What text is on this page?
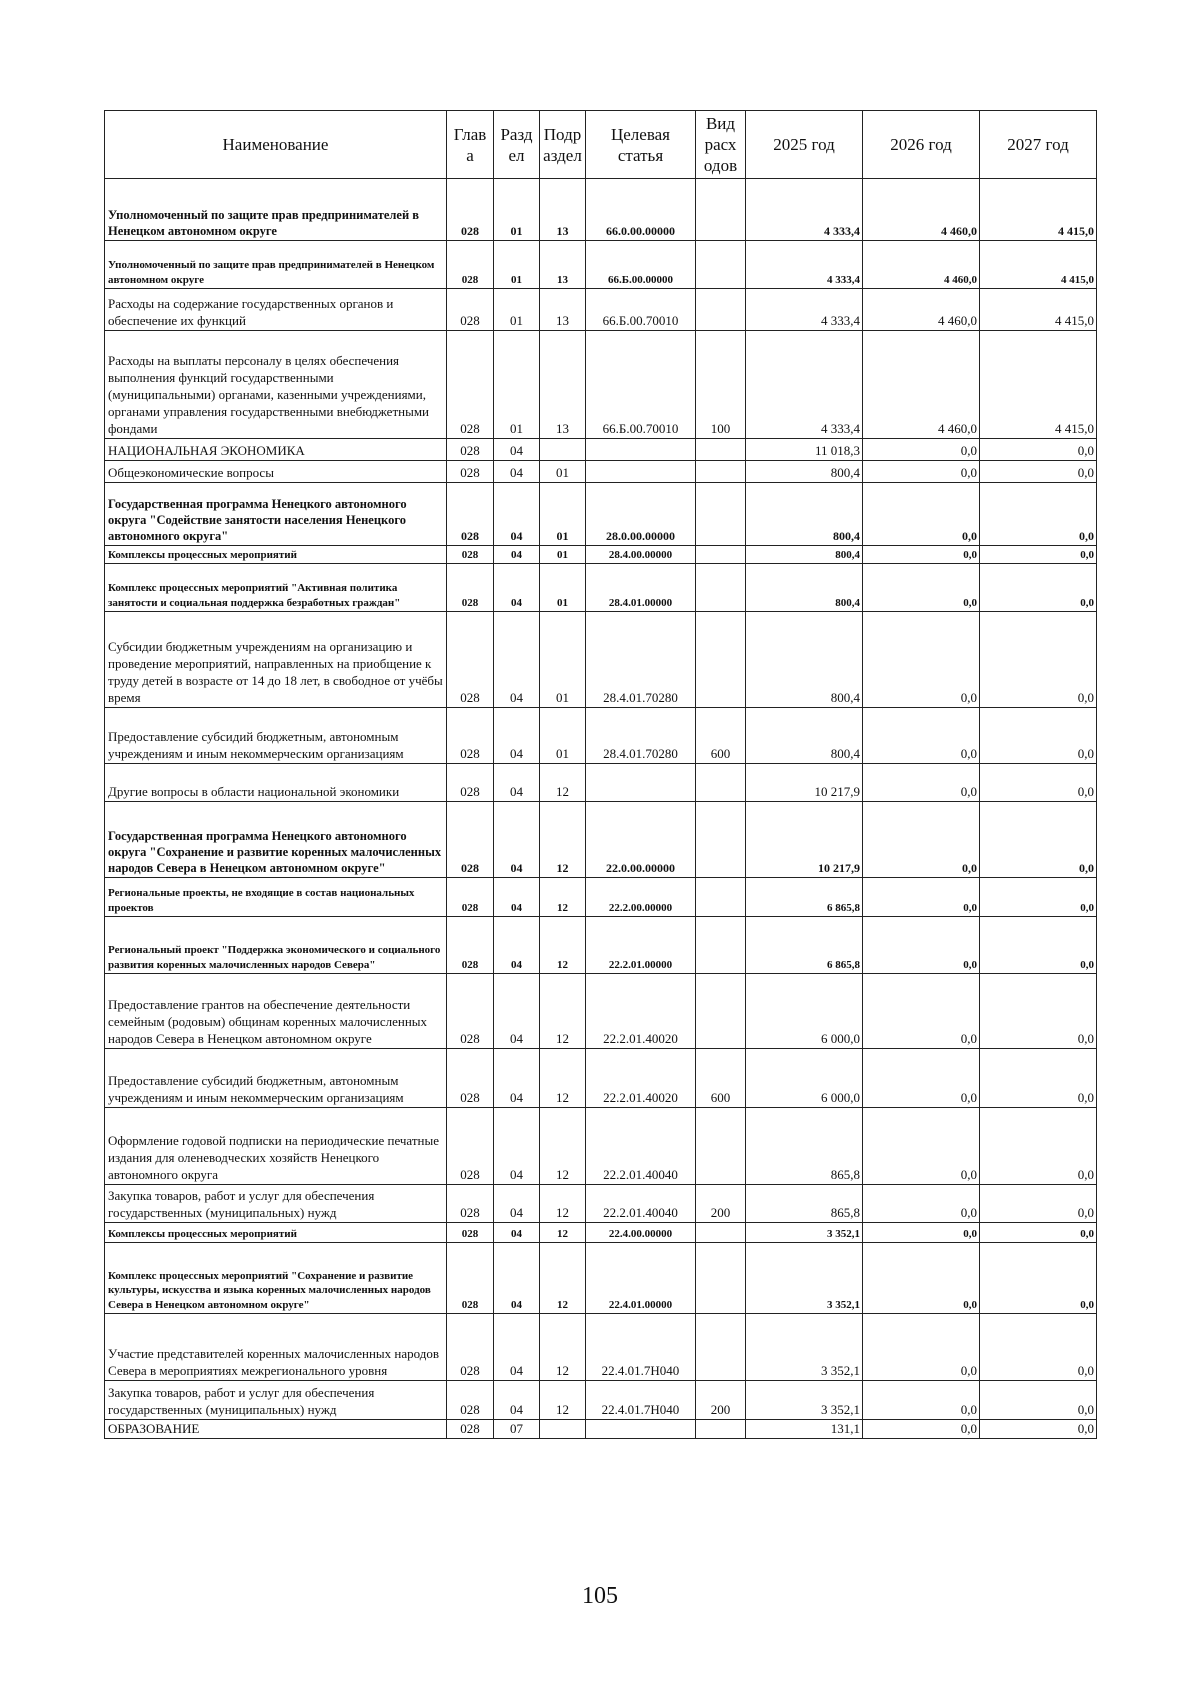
Наименование	Глав а	Разд ел	Подр аздел	Целевая статья	Вид расх одов	2025 год	2026 год	2027 год
Уполномоченный по защите прав предпринимателей в Ненецком автономном округе	028	01	13	66.0.00.00000		4 333,4	4 460,0	4 415,0
Уполномоченный по защите прав предпринимателей в Ненецком автономном округе	028	01	13	66.Б.00.00000		4 333,4	4 460,0	4 415,0
Расходы на содержание государственных органов и обеспечение их функций	028	01	13	66.Б.00.70010		4 333,4	4 460,0	4 415,0
Расходы на выплаты персоналу в целях обеспечения выполнения функций государственными (муниципальными) органами, казенными учреждениями, органами управления государственными внебюджетными фондами	028	01	13	66.Б.00.70010	100	4 333,4	4 460,0	4 415,0
НАЦИОНАЛЬНАЯ ЭКОНОМИКА	028	04				11 018,3	0,0	0,0
Общеэкономические вопросы	028	04	01			800,4	0,0	0,0
Государственная программа Ненецкого автономного округа "Содействие занятости населения Ненецкого автономного округа"	028	04	01	28.0.00.00000		800,4	0,0	0,0
Комплексы процессных мероприятий	028	04	01	28.4.00.00000		800,4	0,0	0,0
Комплекс процессных мероприятий "Активная политика занятости и социальная поддержка безработных граждан"	028	04	01	28.4.01.00000		800,4	0,0	0,0
Субсидии бюджетным учреждениям на организацию и проведение мероприятий, направленных на приобщение к труду детей в возрасте от 14 до 18 лет, в свободное от учёбы время	028	04	01	28.4.01.70280		800,4	0,0	0,0
Предоставление субсидий бюджетным, автономным учреждениям и иным некоммерческим организациям	028	04	01	28.4.01.70280	600	800,4	0,0	0,0
Другие вопросы в области национальной экономики	028	04	12			10 217,9	0,0	0,0
Государственная программа Ненецкого автономного округа "Сохранение и развитие коренных малочисленных народов Севера в Ненецком автономном округе"	028	04	12	22.0.00.00000		10 217,9	0,0	0,0
Региональные проекты, не входящие в состав национальных проектов	028	04	12	22.2.00.00000		6 865,8	0,0	0,0
Региональный проект "Поддержка экономического и социального развития коренных малочисленных народов Севера"	028	04	12	22.2.01.00000		6 865,8	0,0	0,0
Предоставление грантов на обеспечение деятельности семейным (родовым) общинам коренных малочисленных народов Севера в Ненецком автономном округе	028	04	12	22.2.01.40020		6 000,0	0,0	0,0
Предоставление субсидий бюджетным, автономным учреждениям и иным некоммерческим организациям	028	04	12	22.2.01.40020	600	6 000,0	0,0	0,0
Оформление годовой подписки на периодические печатные издания для оленеводческих хозяйств Ненецкого автономного округа	028	04	12	22.2.01.40040		865,8	0,0	0,0
Закупка товаров, работ и услуг для обеспечения государственных (муниципальных) нужд	028	04	12	22.2.01.40040	200	865,8	0,0	0,0
Комплексы процессных мероприятий	028	04	12	22.4.00.00000		3 352,1	0,0	0,0
Комплекс процессных мероприятий "Сохранение и развитие культуры, искусства и языка коренных малочисленных народов Севера в Ненецком автономном округе"	028	04	12	22.4.01.00000		3 352,1	0,0	0,0
Участие представителей коренных малочисленных народов Севера в мероприятиях межрегионального уровня	028	04	12	22.4.01.7Н040		3 352,1	0,0	0,0
Закупка товаров, работ и услуг для обеспечения государственных (муниципальных) нужд	028	04	12	22.4.01.7Н040	200	3 352,1	0,0	0,0
ОБРАЗОВАНИЕ	028	07				131,1	0,0	0,0
105
